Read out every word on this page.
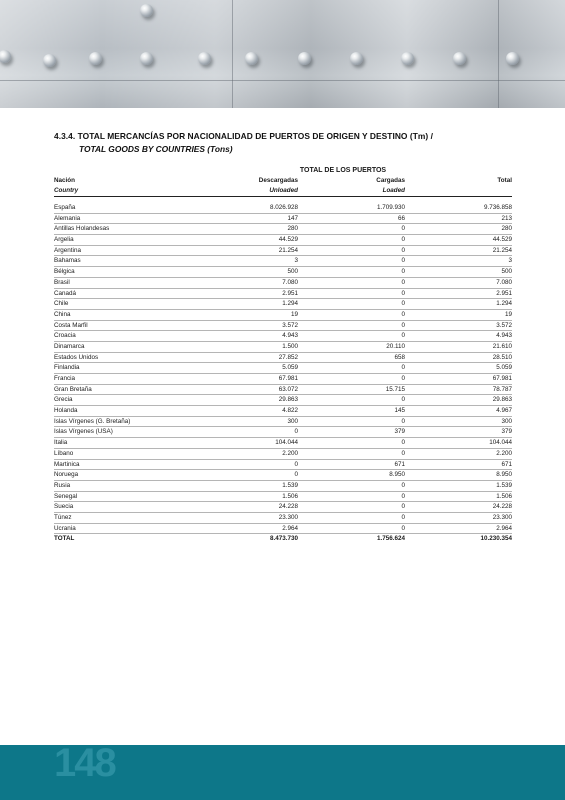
4.3.4. TOTAL MERCANCÍAS POR NACIONALIDAD DE PUERTOS DE ORIGEN Y DESTINO (Tm) /
TOTAL GOODS BY COUNTRIES (Tons)
TOTAL DE LOS PUERTOS
Nación	Descargadas	Cargadas	Total
Country	Unloaded	Loaded
España	8.026.928	1.709.930	9.736.858
Alemania	147	66	213
Antillas Holandesas	280	0	280
Argelia	44.529	0	44.529
Argentina	21.254	0	21.254
Bahamas	3	0	3
Bélgica	500	0	500
Brasil	7.080	0	7.080
Canadá	2.951	0	2.951
Chile	1.294	0	1.294
China	19	0	19
Costa Marfil	3.572	0	3.572
Croacia	4.943	0	4.943
Dinamarca	1.500	20.110	21.610
Estados Unidos	27.852	658	28.510
Finlandia	5.059	0	5.059
Francia	67.981	0	67.981
Gran Bretaña	63.072	15.715	78.787
Grecia	29.863	0	29.863
Holanda	4.822	145	4.967
Islas Vírgenes (G. Bretaña)	300	0	300
Islas Vírgenes (USA)	0	379	379
Italia	104.044	0	104.044
Líbano	2.200	0	2.200
Martinica	0	671	671
Noruega	0	8.950	8.950
Rusia	1.539	0	1.539
Senegal	1.506	0	1.506
Suecia	24.228	0	24.228
Túnez	23.300	0	23.300
Ucrania	2.964	0	2.964
TOTAL	8.473.730	1.756.624	10.230.354
148
